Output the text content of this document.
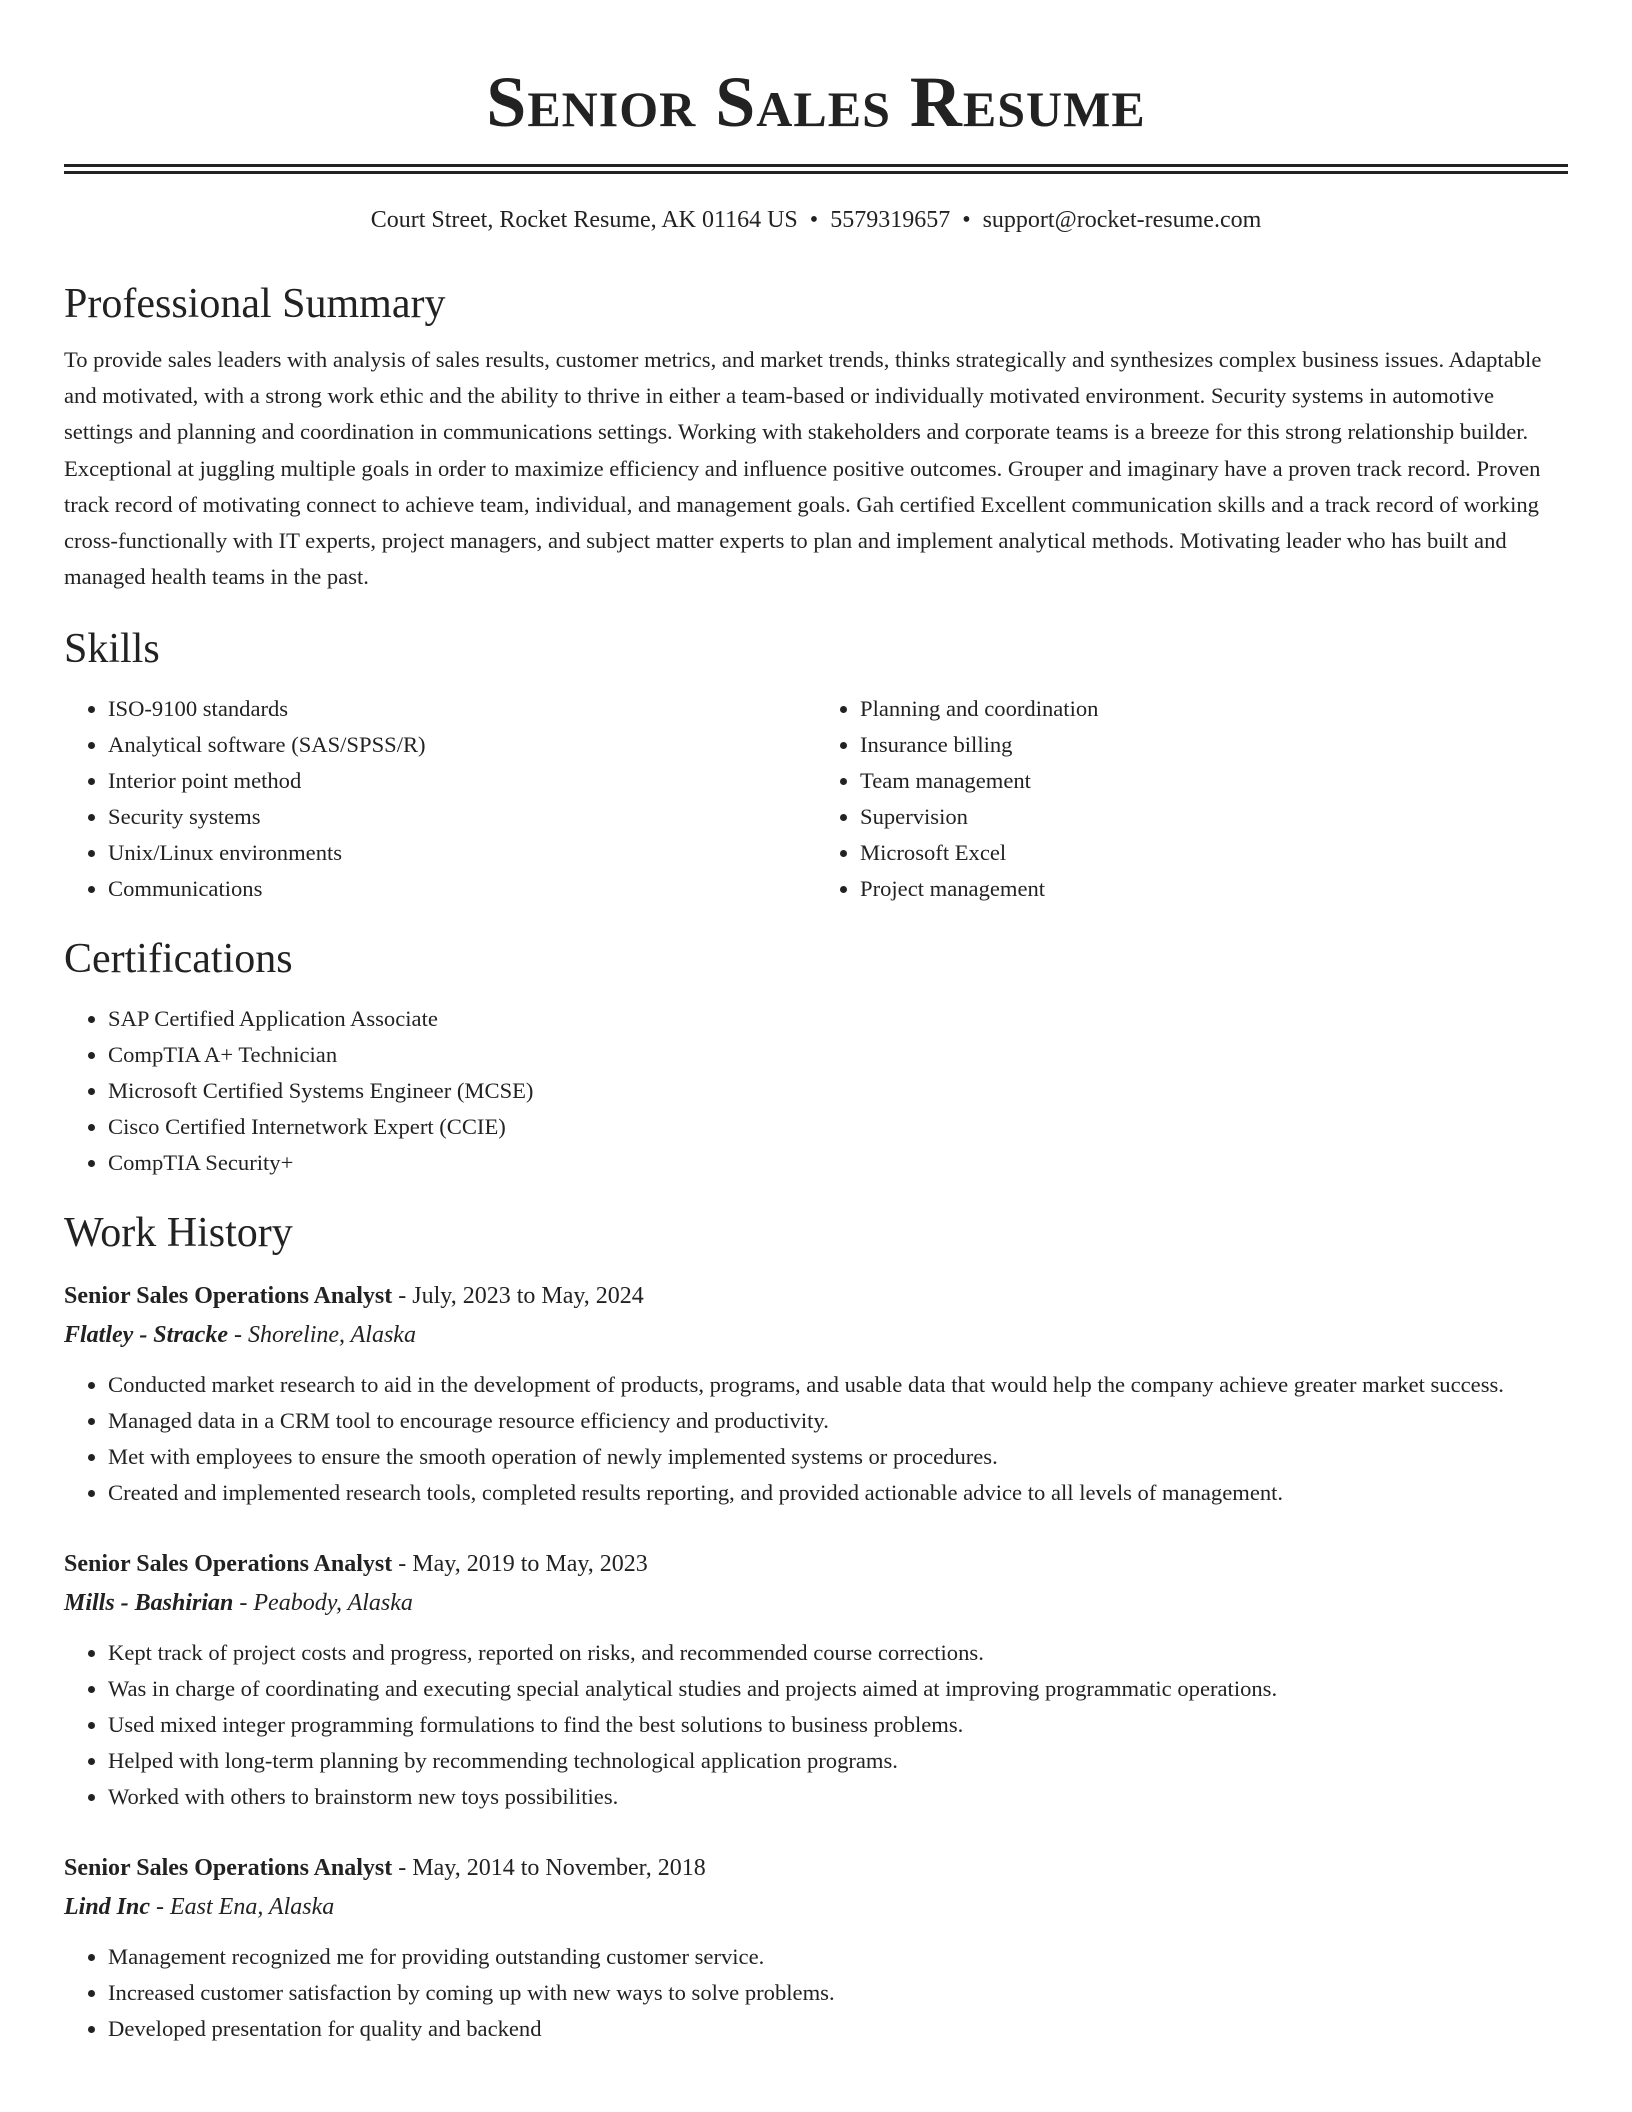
Senior Sales Resume
Court Street, Rocket Resume, AK 01164 US • 5579319657 • support@rocket-resume.com
Professional Summary

To provide sales leaders with analysis of sales results, customer metrics, and market trends, thinks strategically and synthesizes complex business issues. Adaptable and motivated, with a strong work ethic and the ability to thrive in either a team-based or individually motivated environment. Security systems in automotive settings and planning and coordination in communications settings. Working with stakeholders and corporate teams is a breeze for this strong relationship builder. Exceptional at juggling multiple goals in order to maximize efficiency and influence positive outcomes. Grouper and imaginary have a proven track record. Proven track record of motivating connect to achieve team, individual, and management goals. Gah certified Excellent communication skills and a track record of working cross-functionally with IT experts, project managers, and subject matter experts to plan and implement analytical methods. Motivating leader who has built and managed health teams in the past.

Skills
• ISO-9100 standards
• Analytical software (SAS/SPSS/R)
• Interior point method
• Security systems
• Unix/Linux environments
• Communications
• Planning and coordination
• Insurance billing
• Team management
• Supervision
• Microsoft Excel
• Project management
Certifications
• SAP Certified Application Associate
• CompTIA A+ Technician
• Microsoft Certified Systems Engineer (MCSE)
• Cisco Certified Internetwork Expert (CCIE)
• CompTIA Security+
Work History
Senior Sales Operations Analyst - July, 2023 to May, 2024
Flatley - Stracke - Shoreline, Alaska
• Conducted market research to aid in the development of products, programs, and usable data that would help the company achieve greater market success.
• Managed data in a CRM tool to encourage resource efficiency and productivity.
• Met with employees to ensure the smooth operation of newly implemented systems or procedures.
• Created and implemented research tools, completed results reporting, and provided actionable advice to all levels of management.
Senior Sales Operations Analyst - May, 2019 to May, 2023
Mills - Bashirian - Peabody, Alaska
• Kept track of project costs and progress, reported on risks, and recommended course corrections.
• Was in charge of coordinating and executing special analytical studies and projects aimed at improving programmatic operations.
• Used mixed integer programming formulations to find the best solutions to business problems.
• Helped with long-term planning by recommending technological application programs.
• Worked with others to brainstorm new toys possibilities.
Senior Sales Operations Analyst - May, 2014 to November, 2018
Lind Inc - East Ena, Alaska
• Management recognized me for providing outstanding customer service.
• Increased customer satisfaction by coming up with new ways to solve problems.
• Developed presentation for quality and backend
